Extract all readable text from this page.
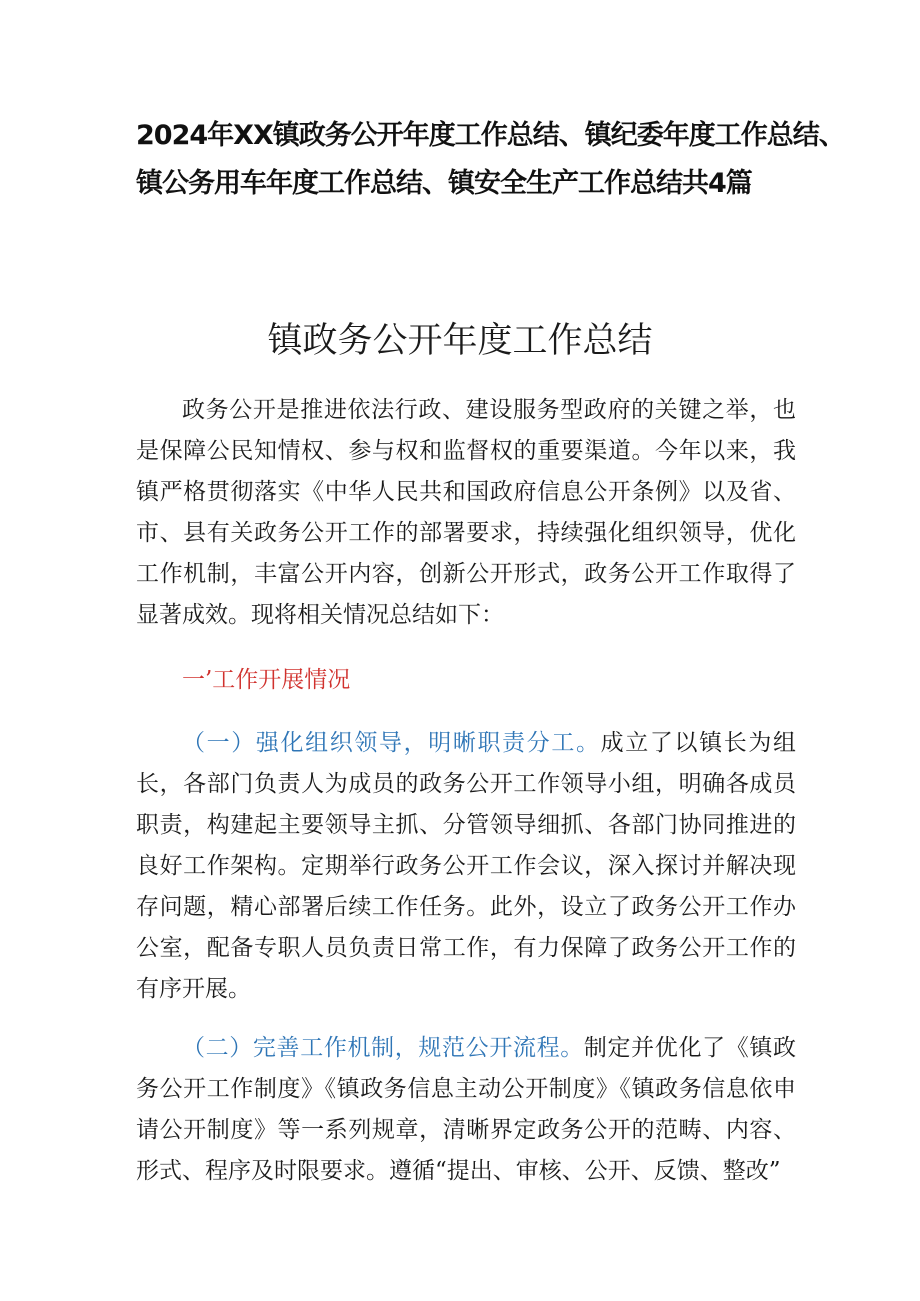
2024年XX镇政务公开年度工作总结、镇纪委年度工作总结、
镇公务用车年度工作总结、镇安全生产工作总结共4篇
镇政务公开年度工作总结

政务公开是推进依法行政、建设服务型政府的关键之举，也是保障公民知情权、参与权和监督权的重要渠道。今年以来，我镇严格贯彻落实《中华人民共和国政府信息公开条例》以及省、市、县有关政务公开工作的部署要求，持续强化组织领导，优化工作机制，丰富公开内容，创新公开形式，政务公开工作取得了显著成效。现将相关情况总结如下：

一’工作开展情况

（一）强化组织领导，明晰职责分工。成立了以镇长为组长，各部门负责人为成员的政务公开工作领导小组，明确各成员职责，构建起主要领导主抓、分管领导细抓、各部门协同推进的良好工作架构。定期举行政务公开工作会议，深入探讨并解决现存问题，精心部署后续工作任务。此外，设立了政务公开工作办公室，配备专职人员负责日常工作，有力保障了政务公开工作的有序开展。

（二）完善工作机制，规范公开流程。制定并优化了《镇政务公开工作制度》《镇政务信息主动公开制度》《镇政务信息依申请公开制度》等一系列规章，清晰界定政务公开的范畴、内容、形式、程序及时限要求。遵循“提出、审核、公开、反馈、整改”
